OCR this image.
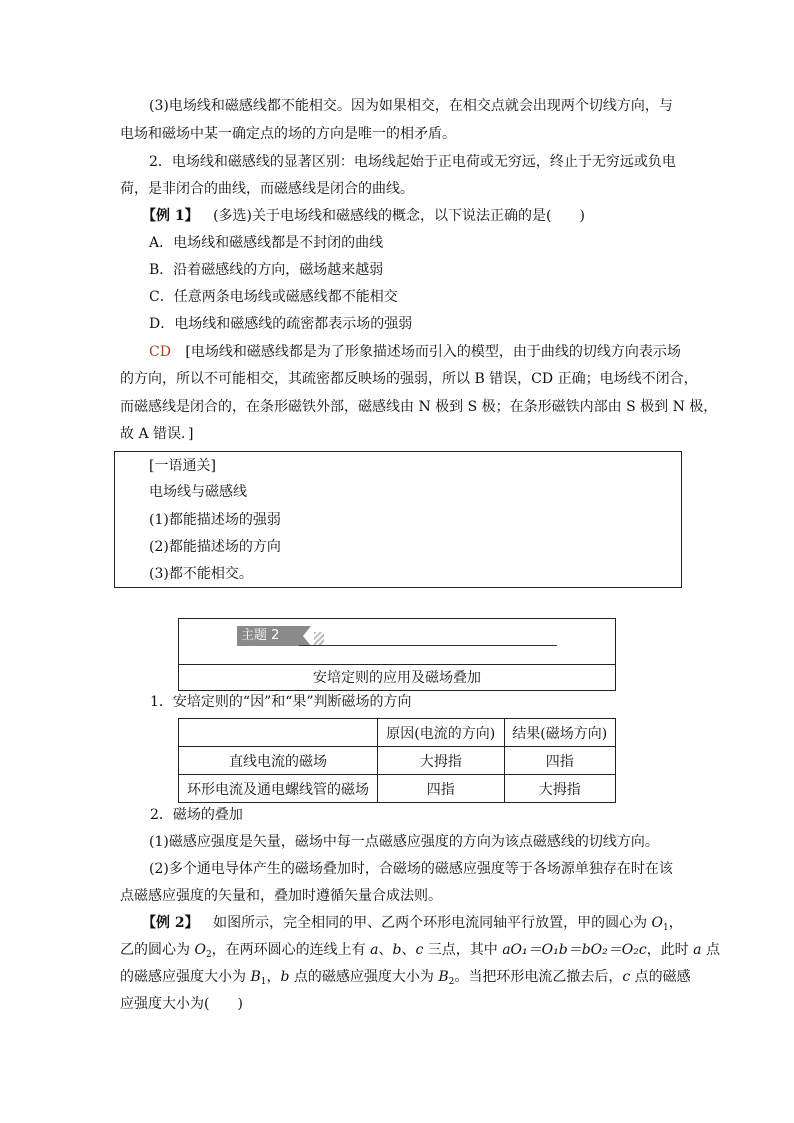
(3)电场线和磁感线都不能相交。因为如果相交，在相交点就会出现两个切线方向，与
电场和磁场中某一确定点的场的方向是唯一的相矛盾。
2．电场线和磁感线的显著区别：电场线起始于正电荷或无穷远，终止于无穷远或负电
荷，是非闭合的曲线，而磁感线是闭合的曲线。
【例 1】 (多选)关于电场线和磁感线的概念，以下说法正确的是(　　)
A．电场线和磁感线都是不封闭的曲线
B．沿着磁感线的方向，磁场越来越弱
C．任意两条电场线或磁感线都不能相交
D．电场线和磁感线的疏密都表示场的强弱
CD [电场线和磁感线都是为了形象描述场而引入的模型，由于曲线的切线方向表示场
的方向，所以不可能相交，其疏密都反映场的强弱，所以 B 错误，CD 正确；电场线不闭合，
而磁感线是闭合的，在条形磁铁外部，磁感线由 N 极到 S 极；在条形磁铁内部由 S 极到 N 极，
故 A 错误．]
[一语通关]
电场线与磁感线
(1)都能描述场的强弱
(2)都能描述场的方向
(3)都不能相交。
主题 2
安培定则的应用及磁场叠加
1．安培定则的“因”和“果”判断磁场的方向
	原因(电流的方向)	结果(磁场方向)
直线电流的磁场	大拇指	四指
环形电流及通电螺线管的磁场	四指	大拇指
2．磁场的叠加
(1)磁感应强度是矢量，磁场中每一点磁感应强度的方向为该点磁感线的切线方向。
(2)多个通电导体产生的磁场叠加时，合磁场的磁感应强度等于各场源单独存在时在该
点磁感应强度的矢量和，叠加时遵循矢量合成法则。
【例 2】 如图所示，完全相同的甲、乙两个环形电流同轴平行放置，甲的圆心为 $O_1$，
乙的圆心为 $O_2$，在两环圆心的连线上有 a、b、c 三点，其中 aO₁＝O₁b＝bO₂＝O₂c，此时 a 点
的磁感应强度大小为 $B_1$，b 点的磁感应强度大小为 $B_2$。当把环形电流乙撤去后，c 点的磁感
应强度大小为(　　)
